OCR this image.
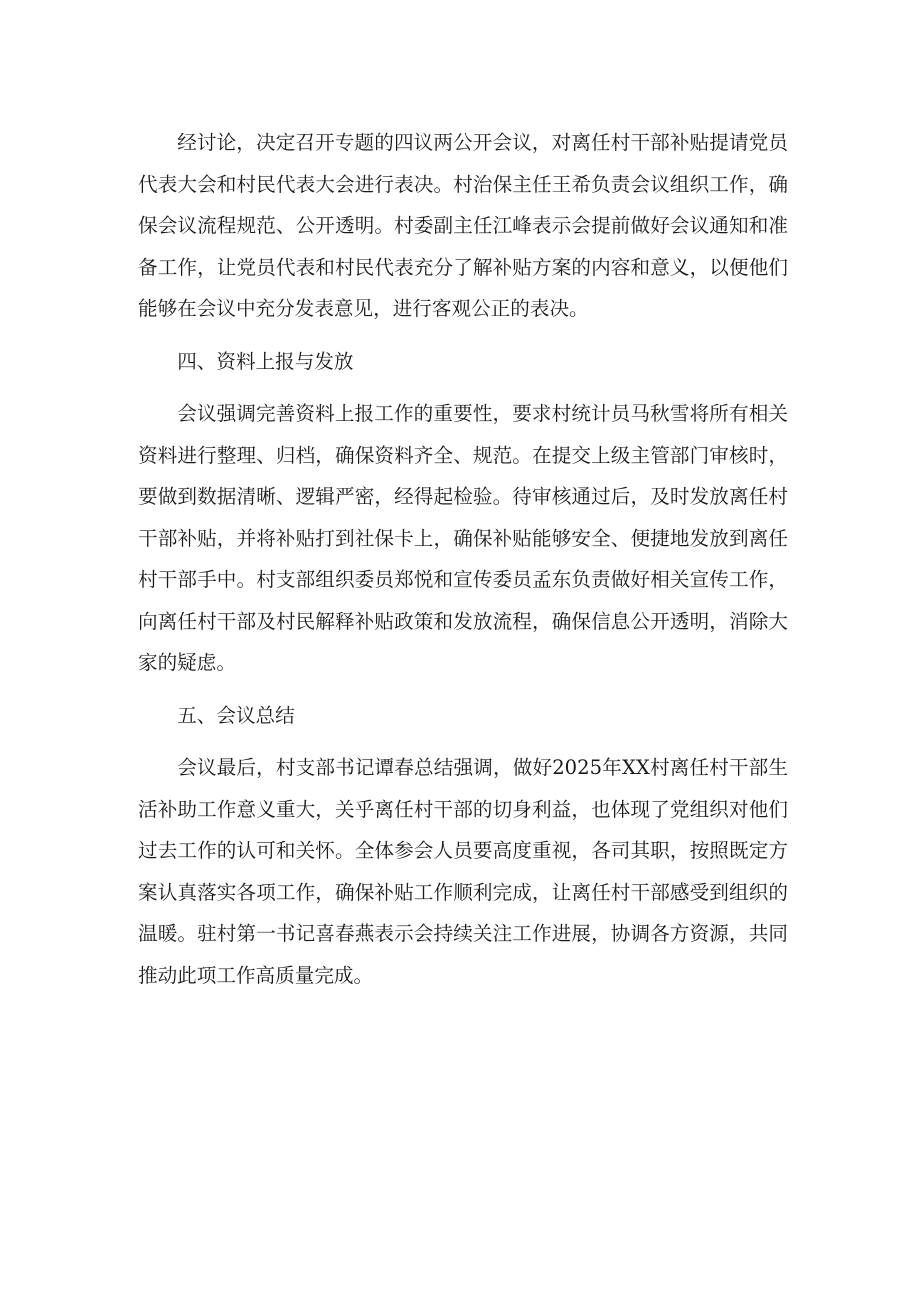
经讨论，决定召开专题的四议两公开会议，对离任村干部补贴提请党员代表大会和村民代表大会进行表决。村治保主任王希负责会议组织工作，确保会议流程规范、公开透明。村委副主任江峰表示会提前做好会议通知和准备工作，让党员代表和村民代表充分了解补贴方案的内容和意义，以便他们能够在会议中充分发表意见，进行客观公正的表决。

四、资料上报与发放

会议强调完善资料上报工作的重要性，要求村统计员马秋雪将所有相关资料进行整理、归档，确保资料齐全、规范。在提交上级主管部门审核时，要做到数据清晰、逻辑严密，经得起检验。待审核通过后，及时发放离任村干部补贴，并将补贴打到社保卡上，确保补贴能够安全、便捷地发放到离任村干部手中。村支部组织委员郑悦和宣传委员孟东负责做好相关宣传工作，向离任村干部及村民解释补贴政策和发放流程，确保信息公开透明，消除大家的疑虑。

五、会议总结

会议最后，村支部书记谭春总结强调，做好2025年XX村离任村干部生活补助工作意义重大，关乎离任村干部的切身利益，也体现了党组织对他们过去工作的认可和关怀。全体参会人员要高度重视，各司其职，按照既定方案认真落实各项工作，确保补贴工作顺利完成，让离任村干部感受到组织的温暖。驻村第一书记喜春燕表示会持续关注工作进展，协调各方资源，共同推动此项工作高质量完成。
